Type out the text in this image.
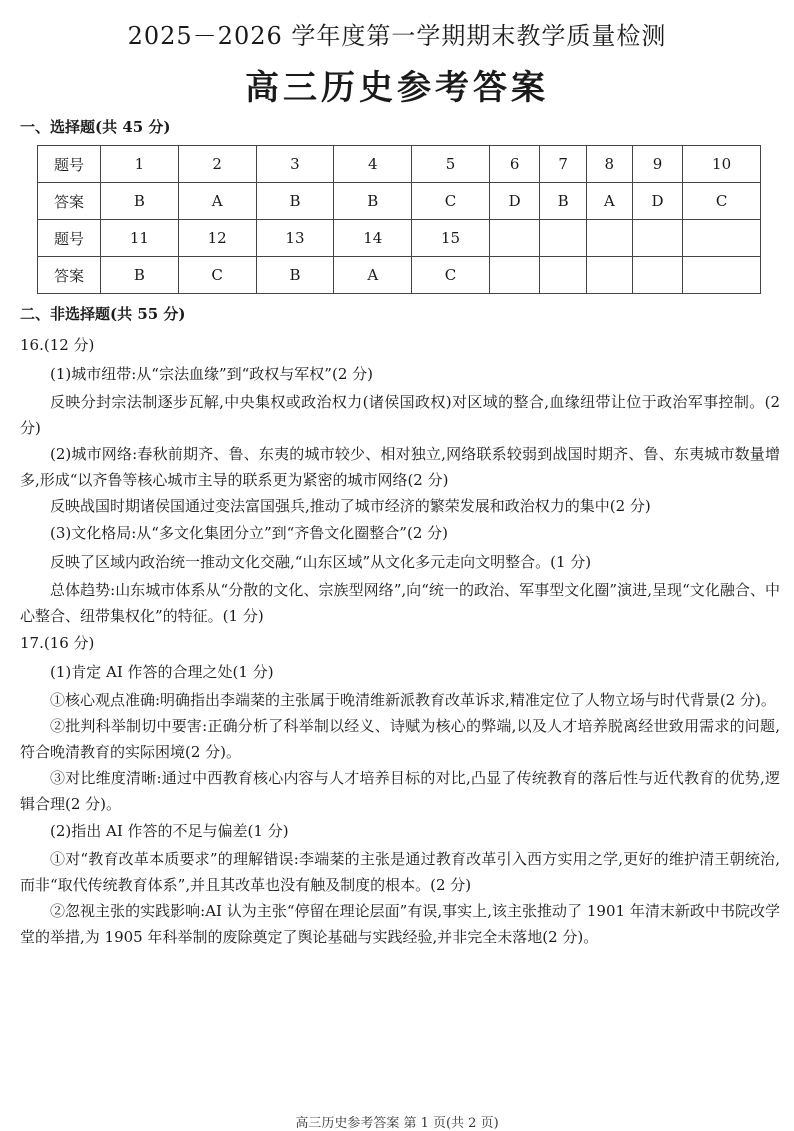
2025－2026 学年度第一学期期末教学质量检测
高三历史参考答案
一、选择题(共 45 分)
题号	1	2	3	4	5	6	7	8	9	10
答案	B	A	B	B	C	D	B	A	D	C
题号	11	12	13	14	15					
答案	B	C	B	A	C					
二、非选择题(共 55 分)

16.(12 分)

(1)城市纽带:从“宗法血缘”到“政权与军权”(2 分)

反映分封宗法制逐步瓦解,中央集权或政治权力(诸侯国政权)对区域的整合,血缘纽带让位于政治军事控制。(2 分)

(2)城市网络:春秋前期齐、鲁、东夷的城市较少、相对独立,网络联系较弱到战国时期齐、鲁、东夷城市数量增多,形成“以齐鲁等核心城市主导的联系更为紧密的城市网络(2 分)

反映战国时期诸侯国通过变法富国强兵,推动了城市经济的繁荣发展和政治权力的集中(2 分)

(3)文化格局:从“多文化集团分立”到“齐鲁文化圈整合”(2 分)

反映了区域内政治统一推动文化交融,“山东区域”从文化多元走向文明整合。(1 分)

总体趋势:山东城市体系从“分散的文化、宗族型网络”,向“统一的政治、军事型文化圈”演进,呈现“文化融合、中心整合、纽带集权化”的特征。(1 分)

17.(16 分)

(1)肯定 AI 作答的合理之处(1 分)

①核心观点准确:明确指出李端棻的主张属于晚清维新派教育改革诉求,精准定位了人物立场与时代背景(2 分)。

②批判科举制切中要害:正确分析了科举制以经义、诗赋为核心的弊端,以及人才培养脱离经世致用需求的问题,符合晚清教育的实际困境(2 分)。

③对比维度清晰:通过中西教育核心内容与人才培养目标的对比,凸显了传统教育的落后性与近代教育的优势,逻辑合理(2 分)。

(2)指出 AI 作答的不足与偏差(1 分)

①对“教育改革本质要求”的理解错误:李端棻的主张是通过教育改革引入西方实用之学,更好的维护清王朝统治,而非“取代传统教育体系”,并且其改革也没有触及制度的根本。(2 分)

②忽视主张的实践影响:AI 认为主张“停留在理论层面”有误,事实上,该主张推动了 1901 年清末新政中书院改学堂的举措,为 1905 年科举制的废除奠定了舆论基础与实践经验,并非完全未落地(2 分)。

高三历史参考答案 第 1 页(共 2 页)
